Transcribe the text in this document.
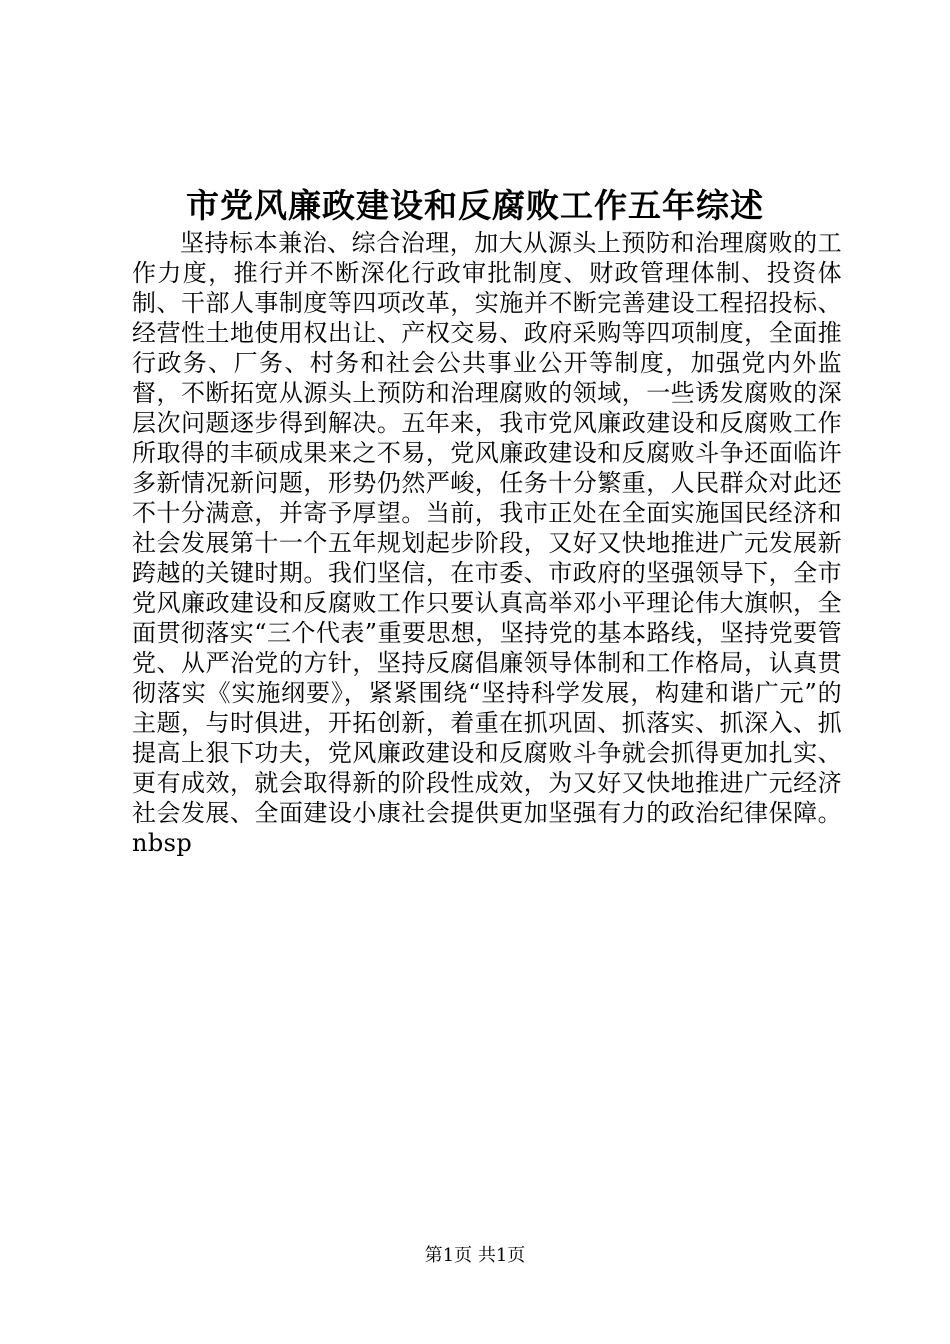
市党风廉政建设和反腐败工作五年综述

坚持标本兼治、综合治理，加大从源头上预防和治理腐败的工作力度，推行并不断深化行政审批制度、财政管理体制、投资体制、干部人事制度等四项改革，实施并不断完善建设工程招投标、经营性土地使用权出让、产权交易、政府采购等四项制度，全面推行政务、厂务、村务和社会公共事业公开等制度，加强党内外监督，不断拓宽从源头上预防和治理腐败的领域，一些诱发腐败的深层次问题逐步得到解决。五年来，我市党风廉政建设和反腐败工作所取得的丰硕成果来之不易，党风廉政建设和反腐败斗争还面临许多新情况新问题，形势仍然严峻，任务十分繁重，人民群众对此还不十分满意，并寄予厚望。当前，我市正处在全面实施国民经济和社会发展第十一个五年规划起步阶段，又好又快地推进广元发展新跨越的关键时期。我们坚信，在市委、市政府的坚强领导下，全市党风廉政建设和反腐败工作只要认真高举邓小平理论伟大旗帜，全面贯彻落实“三个代表”重要思想，坚持党的基本路线，坚持党要管党、从严治党的方针，坚持反腐倡廉领导体制和工作格局，认真贯彻落实《实施纲要》，紧紧围绕“坚持科学发展，构建和谐广元”的主题，与时俱进，开拓创新，着重在抓巩固、抓落实、抓深入、抓提高上狠下功夫，党风廉政建设和反腐败斗争就会抓得更加扎实、更有成效，就会取得新的阶段性成效，为又好又快地推进广元经济社会发展、全面建设小康社会提供更加坚强有力的政治纪律保障。nbsp

第1页 共1页
